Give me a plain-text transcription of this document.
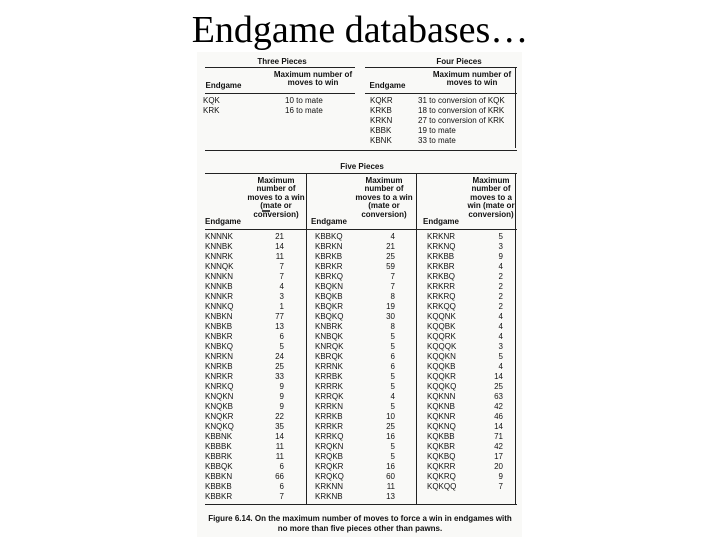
Endgame databases…
Three Pieces
Endgame
Maximum number of moves to win
KQK	10 to mate
KRK	16 to mate
Four Pieces
Endgame
Maximum number of moves to win
KQKR	31 to conversion of KQK
KRKB	18 to conversion of KRK
KRKN	27 to conversion of KRK
KBBK	19 to mate
KBNK	33 to mate
Five Pieces
Endgame
Maximum number of moves to a win (mate or conversion)
Endgame
Maximum number of moves to a win (mate or conversion)
Endgame
Maximum number of moves to a win (mate or conversion)
KNNNK	21
KNNBK	14
KNNRK	11
KNNQK	7
KNNKN	7
KNNKB	4
KNNKR	3
KNNKQ	1
KNBKN	77
KNBKB	13
KNBKR	6
KNBKQ	5
KNRKN	24
KNRKB	25
KNRKR	33
KNRKQ	9
KNQKN	9
KNQKB	9
KNQKR	22
KNQKQ	35
KBBNK	14
KBBBK	11
KBBRK	11
KBBQK	6
KBBKN	66
KBBKB	6
KBBKR	7
KBBKQ	4
KBRKN	21
KBRKB	25
KBRKR	59
KBRKQ	7
KBQKN	7
KBQKB	8
KBQKR	19
KBQKQ	30
KNBRK	8
KNBQK	5
KNRQK	5
KBRQK	6
KRRNK	6
KRRBK	5
KRRRK	5
KRRQK	4
KRRKN	5
KRRKB	10
KRRKR	25
KRRKQ	16
KRQKN	5
KRQKB	5
KRQKR	16
KRQKQ	60
KRKNN	11
KRKNB	13
KRKNR	5
KRKNQ	3
KRKBB	9
KRKBR	4
KRKBQ	2
KRKRR	2
KRKRQ	2
KRKQQ	2
KQQNK	4
KQQBK	4
KQQRK	4
KQQQK	3
KQQKN	5
KQQKB	4
KQQKR	14
KQQKQ	25
KQKNN	63
KQKNB	42
KQKNR	46
KQKNQ	14
KQKBB	71
KQKBR	42
KQKBQ	17
KQKRR	20
KQKRQ	9
KQKQQ	7
Figure 6.14. On the maximum number of moves to force a win in endgames with no more than five pieces other than pawns.
